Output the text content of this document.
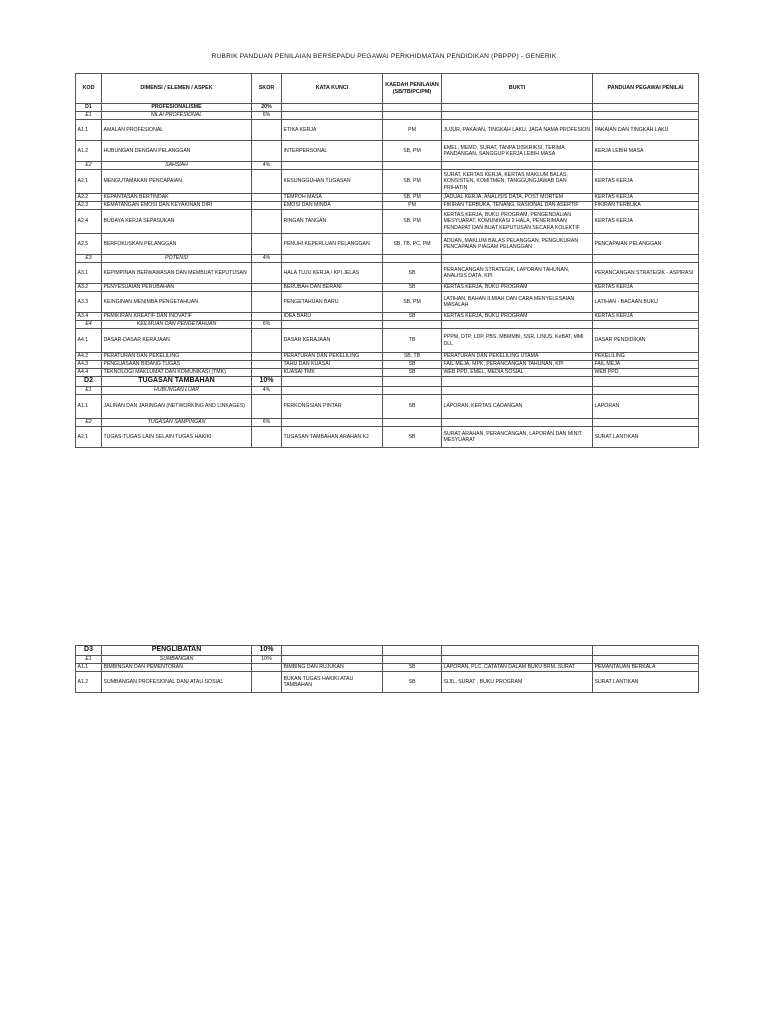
RUBRIK PANDUAN PENILAIAN BERSEPADU PEGAWAI PERKHIDMATAN PENDIDIKAN (PBPPP) - GENERIK
KOD	DIMENSI / ELEMEN / ASPEK	SKOR	KATA KUNCI	KAEDAH PENILAIAN (SB/TB/PC/PM)	BUKTI	PANDUAN PEGAWAI PENILAI
D1	PROFESIONALISME	20%				
E1	NILAI PROFESIONAL	6%				
A1.1	AMALAN PROFESIONAL		ETIKA KERJA	PM	JUJUR, PAKAIAN, TINGKAH LAKU, JAGA NAMA PROFESION	PAKAIAN DAN TINGKAH LAKU
A1.2	HUBUNGAN DENGAN PELANGGAN		INTERPERSONAL	SB, PM	EMEL, MEMO, SURAT, TANPA DISKRIKSI, TERIMA PANDANGAN, SANGGUP KERJA LEBIH MASA	KERJA LEBIH MASA
E2	SAHSIAH	4%				
A2.1	MENGUTAMAKAN PENCAPAIAN		KESUNGGUHAN TUGASAN	SB, PM	SURAT, KERTAS KERJA, KERTAS MAKLUM BALAS, KONSISTEN, KOMITMEN, TANGGUNGJAWAB DAN PRIHATIN	KERTAS KERJA
A2.2	KEPANTASAN BERTINDAK		TEMPOH MASA	SB, PM	JADUAL KERJA, ANALISIS DATA, POST MORTEM	KERTAS KERJA
A2.3	KEMATANGAN EMOSI DAN KEYAKINAN DIRI		EMOSI DAN MINDA	PM	FIKIRAN TERBUKA, TENANG, RASIONAL DAN ASERTIF	FIKIRAN TERBUKA
A2.4	BUDAYA KERJA SEPASUKAN		RINGAN TANGAN	SB, PM	KERTAS KERJA, BUKU PROGRAM, PENGENDALIAN MESYUARAT, KOMUNIKASI 2 HALA, PENERIMAAN PENDAPAT DAN BUAT KEPUTUSAN SECARA KOLEKTIF	KERTAS KERJA
A2.5	BERFOKUSKAN PELANGGAN		PENUHI KEPERLUAN PELANGGAN	SB, TB, PC, PM	ADUAN, MAKLUM BALAS PELANGGAN, PENGUKURAN PENCAPAIAN PIAGAM PELANGGAN	PENCAPAIAN PELANGGAN
E3	POTENSI	4%				
A3.1	KEPIMPINAN BERWAWASAN DAN MEMBUAT KEPUTUSAN		HALA TUJU KERJA / KPI JELAS	SB	PERANCANGAN STRATEGIK, LAPORAN TAHUNAN, ANALISIS DATA, KPI	PERANCANGAN STRATEGIK - ASPIRASI
A3.2	PENYESUAIAN PERUBAHAN		BERUBAH DAN BERANI	SB	KERTAS KERJA, BUKU PROGRAM	KERTAS KERJA
A3.3	KEINGINAN MENIMBA PENGETAHUAN		PENGETAHUAN BARU	SB, PM	LATIHAN, BAHAN ILMIAH DAN CARA MENYELESAIAN MASALAH	LATIHAN - BACAAN BUKU
A3.4	PEMIKIRAN KREATIF DAN INOVATIF		IDEA BARU	SB	KERTAS KERJA, BUKU PROGRAM	KERTAS KERJA
E4	KEILMUAN DAN PENGETAHUAN	6%				
A4.1	DASAR-DASAR KERAJAAN		DASAR KERAJAAN	TB	PPPM, DTP, LDP, PBS, MBMMBI, SSR, LINUS, KeBAT, MMI DLL	DASAR PENDIDIKAN
A4.2	PERATURAN DAN PEKELILING		PERATURAN DAN PEKELILING	SB, TB	PERATURAN DAN PEKELILING UTAMA	PEKELILING
A4.3	PENGUASAAN BIDANG TUGAS		TAHU DAN KUASAI	SB	FAIL MEJA, MPK, PERANCANGAN TAHUNAN, KPI	FAIL MEJA
A4.4	TEKNOLOGI MAKLUMAT DAN KOMUNIKASI (TMK)		KUASAI TMK	SB	WEB PPD, EMEL, MEDIA SOSIAL	WEB PPD
D2	TUGASAN TAMBAHAN	10%				
E1	HUBUNGAN LUAR	4%				
A1.1	JALINAN DAN JARINGAN (NETWORKING AND LINKAGES)		PERKONGSIAN PINTAR	SB	LAPORAN, KERTAS CADANGAN	LAPORAN
E2	TUGASAN SAMPINGAN	6%				
A2.1	TUGAS-TUGAS LAIN SELAIN TUGAS HAKIKI		TUGASAN TAMBAHAN ARAHAN KJ	SB	SURAT ARAHAN, PERANCANGAN, LAPORAN DAN MINIT MESYUARAT	SURAT LANTIKAN
D3	PENGLIBATAN	10%				
E1	SUMBANGAN	10%				
A1.1	BIMBINGAN DAN PEMENTORAN		BIMBING DAN RUJUKAN	SB	LAPORAN, PLC, CATATAN DALAM BUKU BRM, SURAT	PEMANTAUAN BERKALA
A1.2	SUMBANGAN PROFESIONAL DAN/ ATAU SOSIAL		BUKAN TUGAS HAKIKI ATAU TAMBAHAN	SB	SIJIL, SURAT , BUKU PROGRAM	SURAT LANTIKAN
